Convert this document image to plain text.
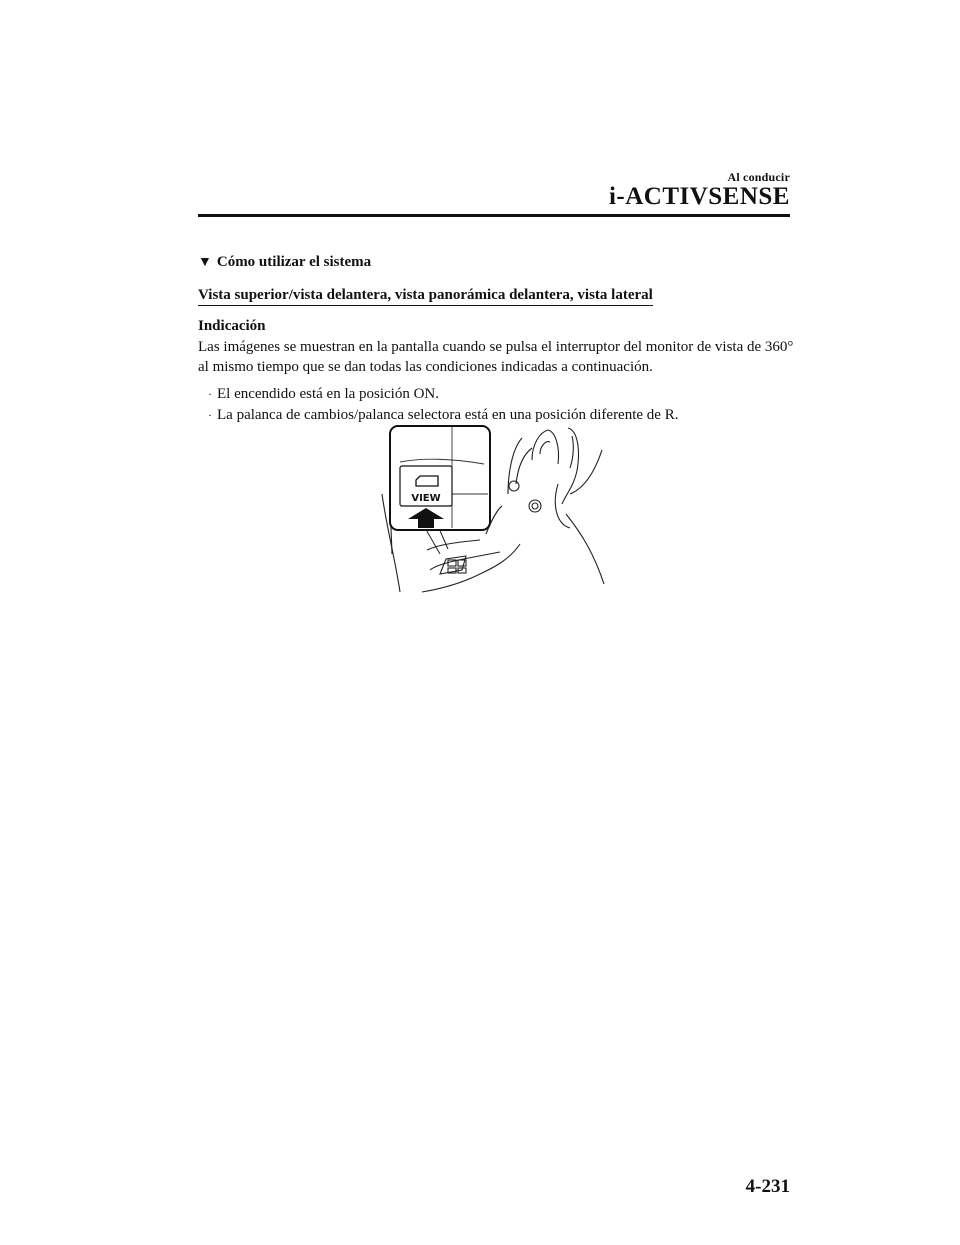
Al conducir
i-ACTIVSENSE
▼ Cómo utilizar el sistema
Vista superior/vista delantera, vista panorámica delantera, vista lateral
Indicación

Las imágenes se muestran en la pantalla cuando se pulsa el interruptor del monitor de vista de 360° al mismo tiempo que se dan todas las condiciones indicadas a continuación.

· El encendido está en la posición ON.
· La palanca de cambios/palanca selectora está en una posición diferente de R.
VIEW
4-231
